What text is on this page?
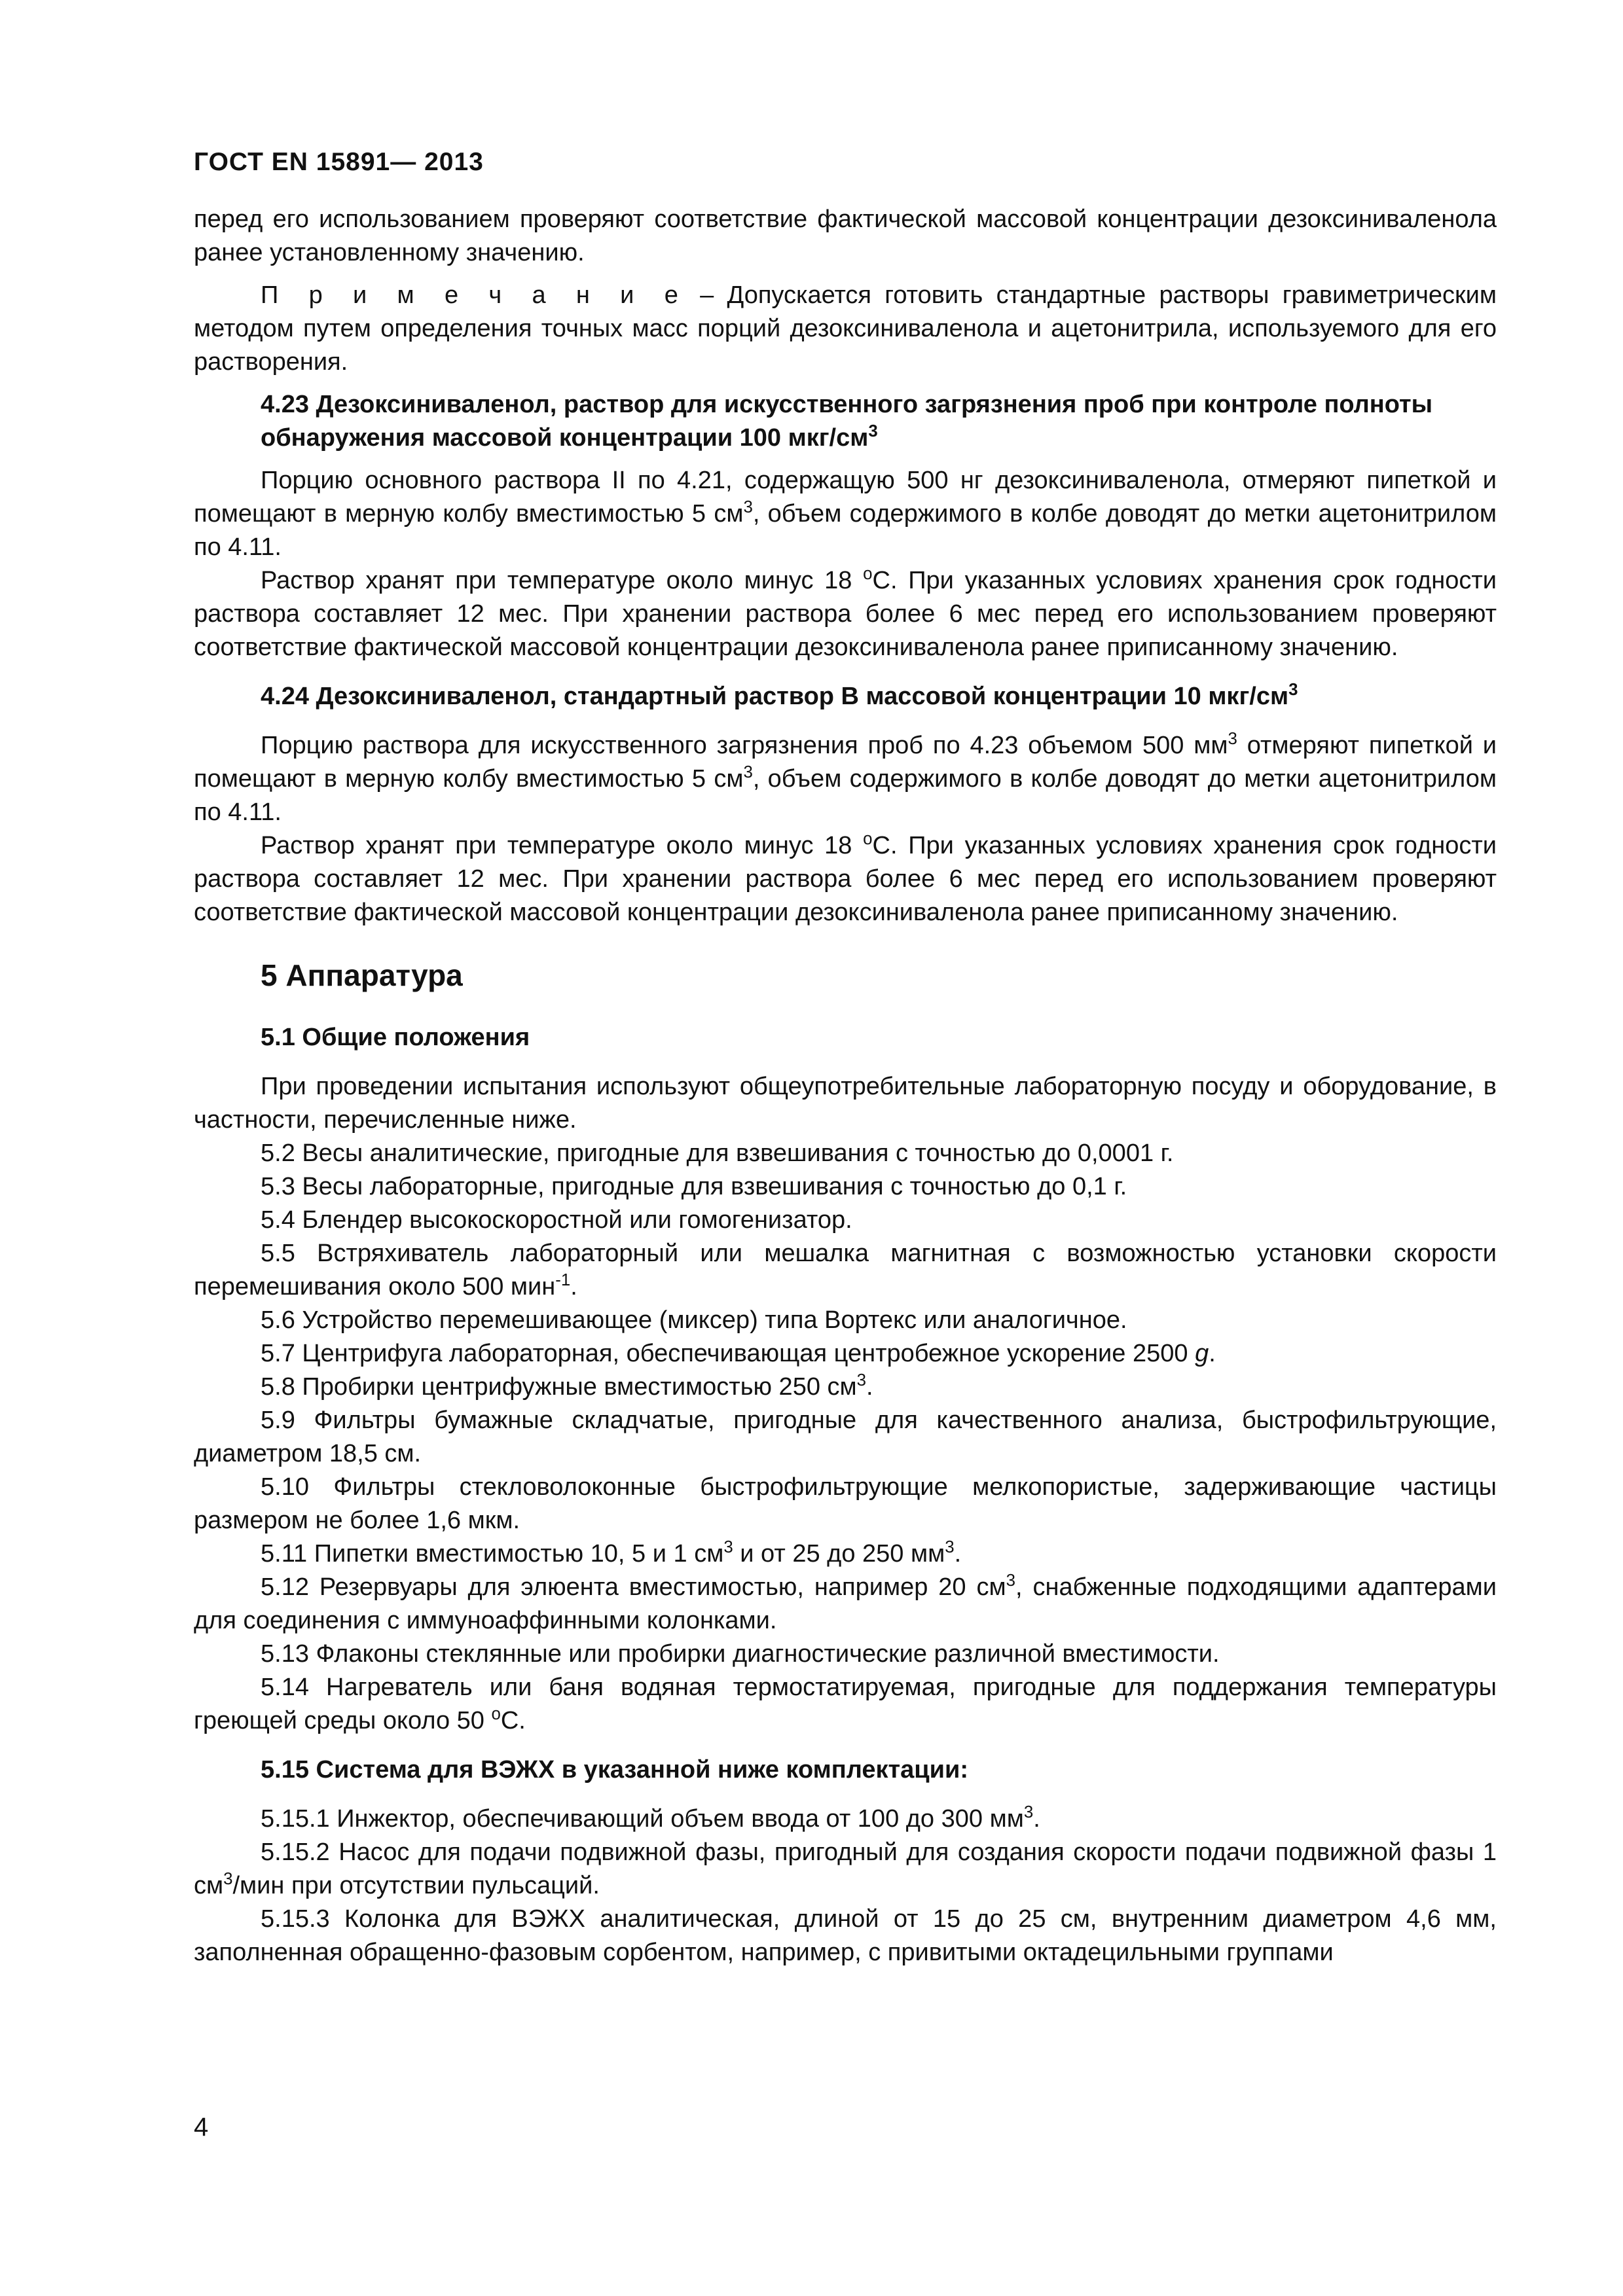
ГОСТ EN 15891— 2013

перед его использованием проверяют соответствие фактической массовой концентрации дезоксиниваленола ранее установленному значению.

П р и м е ч а н и е – Допускается готовить стандартные растворы гравиметрическим методом путем определения точных масс порций дезоксиниваленола и ацетонитрила, используемого для его растворения.

4.23 Дезоксиниваленол, раствор для искусственного загрязнения проб при контроле полноты обнаружения массовой концентрации 100 мкг/$см^3$

Порцию основного раствора II по 4.21, содержащую 500 нг дезоксиниваленола, отмеряют пипеткой и помещают в мерную колбу вместимостью 5 $см^3$, объем содержимого в колбе доводят до метки ацетонитрилом по 4.11.

Раствор хранят при температуре около минус 18 $^о$С. При указанных условиях хранения срок годности раствора составляет 12 мес. При хранении раствора более 6 мес перед его использованием проверяют соответствие фактической массовой концентрации дезоксиниваленола ранее приписанному значению.

4.24 Дезоксиниваленол, стандартный раствор В массовой концентрации 10 мкг/$см^3$

Порцию раствора для искусственного загрязнения проб по 4.23 объемом 500 $мм^3$ отмеряют пипеткой и помещают в мерную колбу вместимостью 5 $см^3$, объем содержимого в колбе доводят до метки ацетонитрилом по 4.11.

Раствор хранят при температуре около минус 18 $^о$С. При указанных условиях хранения срок годности раствора составляет 12 мес. При хранении раствора более 6 мес перед его использованием проверяют соответствие фактической массовой концентрации дезоксиниваленола ранее приписанному значению.

5 Аппаратура

5.1 Общие положения

При проведении испытания используют общеупотребительные лабораторную посуду и оборудование, в частности, перечисленные ниже.

5.2 Весы аналитические, пригодные для взвешивания с точностью до 0,0001 г.

5.3 Весы лабораторные, пригодные для взвешивания с точностью до 0,1 г.

5.4 Блендер высокоскоростной или гомогенизатор.

5.5 Встряхиватель лабораторный или мешалка магнитная с возможностью установки скорости перемешивания около 500 мин$^{-1}$.

5.6 Устройство перемешивающее (миксер) типа Вортекс или аналогичное.

5.7 Центрифуга лабораторная, обеспечивающая центробежное ускорение 2500 g.

5.8 Пробирки центрифужные вместимостью 250 $см^3$.

5.9 Фильтры бумажные складчатые, пригодные для качественного анализа, быстрофильтрующие, диаметром 18,5 см.

5.10 Фильтры стекловолоконные быстрофильтрующие мелкопористые, задерживающие частицы размером не более 1,6 мкм.

5.11 Пипетки вместимостью 10, 5 и 1 $см^3$ и от 25 до 250 $мм^3$.

5.12 Резервуары для элюента вместимостью, например 20 $см^3$, снабженные подходящими адаптерами для соединения с иммуноаффинными колонками.

5.13 Флаконы стеклянные или пробирки диагностические различной вместимости.

5.14 Нагреватель или баня водяная термостатируемая, пригодные для поддержания температуры греющей среды около 50 $^о$С.

5.15 Система для ВЭЖХ в указанной ниже комплектации:

5.15.1 Инжектор, обеспечивающий объем ввода от 100 до 300 $мм^3$.

5.15.2 Насос для подачи подвижной фазы, пригодный для создания скорости подачи подвижной фазы 1 $см^3$/мин при отсутствии пульсаций.

5.15.3 Колонка для ВЭЖХ аналитическая, длиной от 15 до 25 см, внутренним диаметром 4,6 мм, заполненная обращенно-фазовым сорбентом, например, с привитыми октадецильными группами

4
